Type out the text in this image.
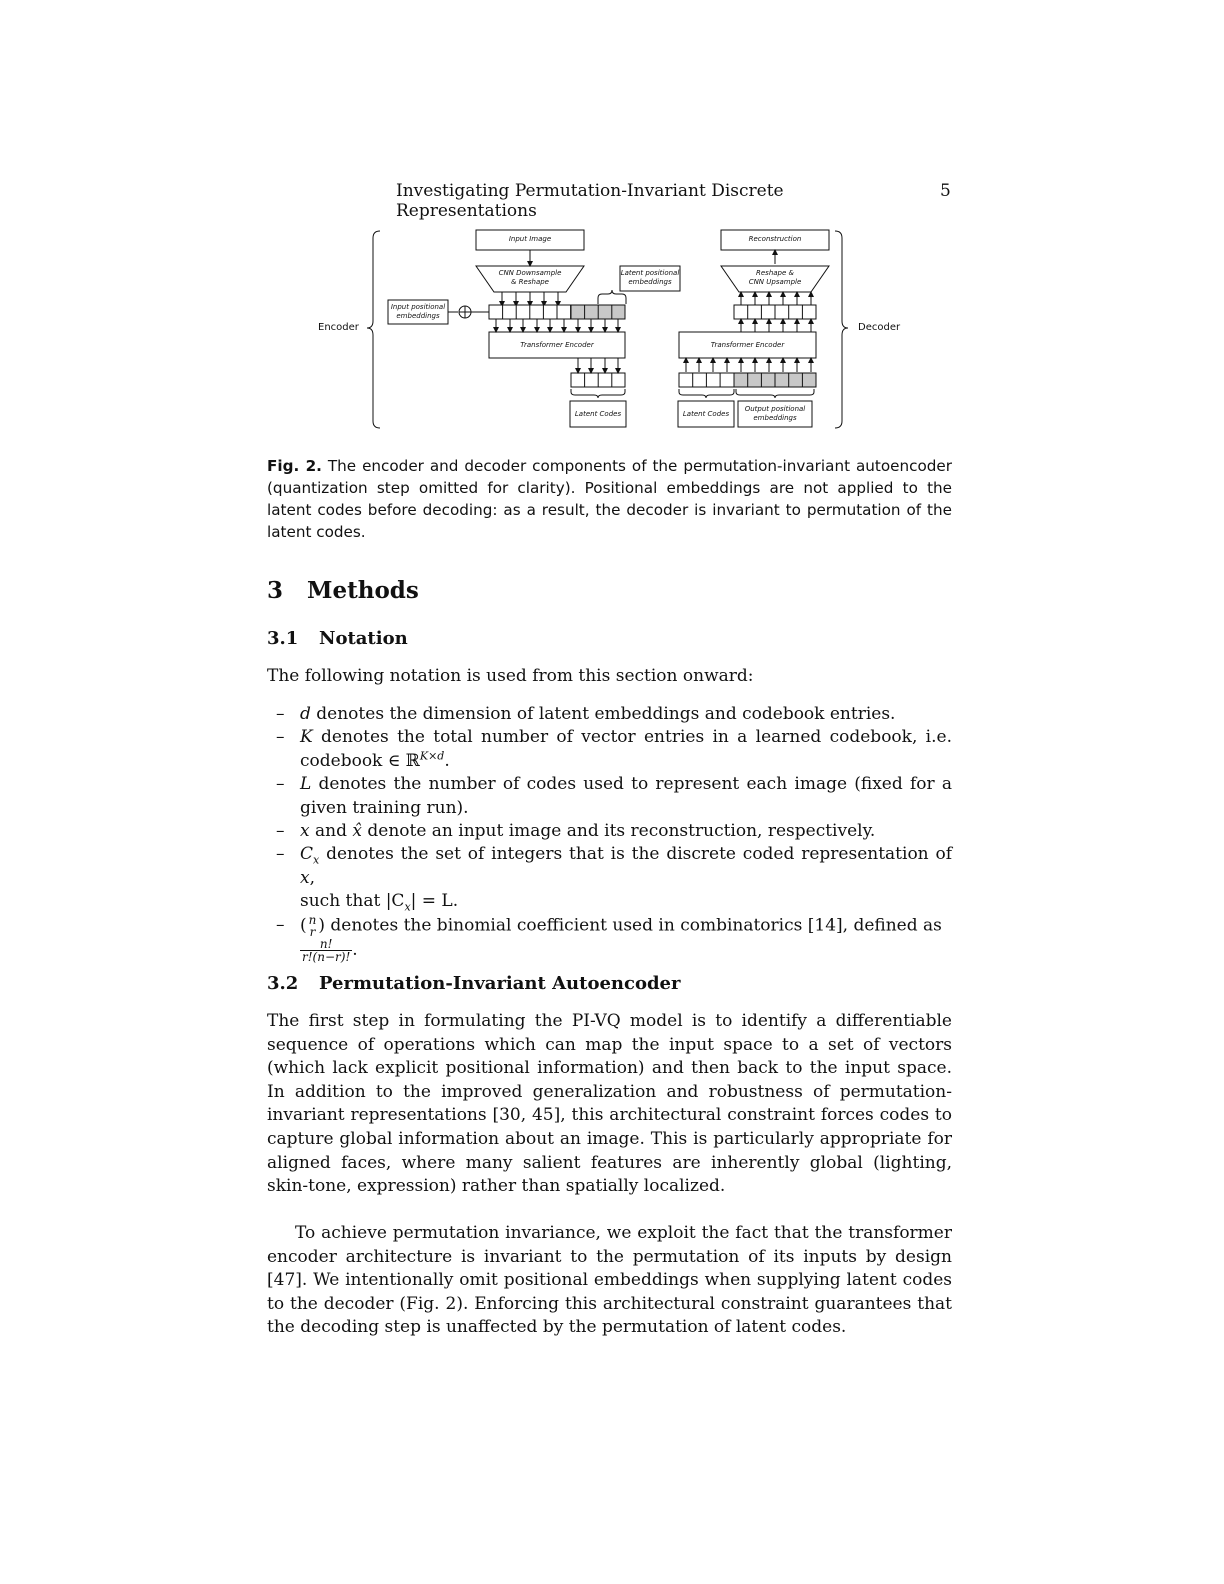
Investigating Permutation-Invariant Discrete Representations
5
Encoder	Decoder
Input Image
CNN Downsample
& Reshape
Latent positional
embeddings
Input positional
embeddings
Transformer Encoder
Latent Codes
Reconstruction
Reshape &
CNN Upsample
Transformer Encoder
Latent Codes
Output positional
embeddings
Fig. 2. The encoder and decoder components of the permutation-invariant autoencoder (quantization step omitted for clarity). Positional embeddings are not applied to the latent codes before decoding: as a result, the decoder is invariant to permutation of the latent codes.
3 Methods
3.1 Notation
The following notation is used from this section onward:
– d denotes the dimension of latent embeddings and codebook entries.
– K denotes the total number of vector entries in a learned codebook, i.e. codebook ∈ ℝ$^{K\times d}$.
– L denotes the number of codes used to represent each image (fixed for a given training run).
– x and x̂ denote an input image and its reconstruction, respectively.
– $C_x$ denotes the set of integers that is the discrete coded representation of x,
such that $|C_x| = L$.
– ( n
r ) denotes the binomial coefficient used in combinatorics [14], defined as

$\frac{n!}{r!(n-r)!}$ .
3.2 Permutation-Invariant Autoencoder
The first step in formulating the PI-VQ model is to identify a differentiable sequence of operations which can map the input space to a set of vectors (which lack explicit positional information) and then back to the input space. In addition to the improved generalization and robustness of permutation-invariant representations [30, 45], this architectural constraint forces codes to capture global information about an image. This is particularly appropriate for aligned faces, where many salient features are inherently global (lighting, skin-tone, expression) rather than spatially localized.
To achieve permutation invariance, we exploit the fact that the transformer encoder architecture is invariant to the permutation of its inputs by design [47]. We intentionally omit positional embeddings when supplying latent codes to the decoder (Fig. 2). Enforcing this architectural constraint guarantees that the decoding step is unaffected by the permutation of latent codes.
